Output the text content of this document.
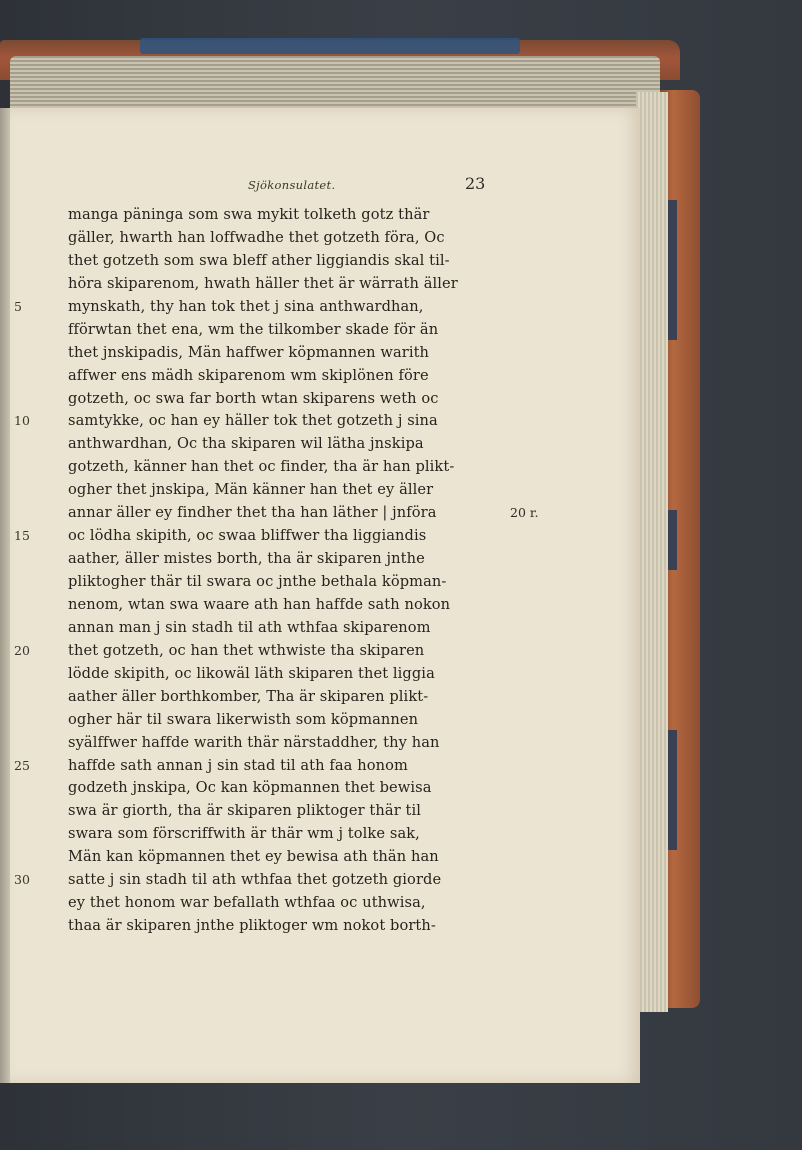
Sjökonsulatet.	23
manga päninga som swa mykit tolketh gotz thär
gäller, hwarth han loffwadhe thet gotzeth föra, Oc
thet gotzeth som swa bleff ather liggiandis skal til-
höra skiparenom, hwath häller thet är wärrath äller
5	mynskath, thy han tok thet j sina anthwardhan,
fförwtan thet ena, wm the tilkomber skade för än
thet jnskipadis, Män haffwer köpmannen warith
affwer ens mädh skiparenom wm skiplönen före
gotzeth, oc swa far borth wtan skiparens weth oc
10	samtykke, oc han ey häller tok thet gotzeth j sina
anthwardhan, Oc tha skiparen wil lätha jnskipa
gotzeth, känner han thet oc finder, tha är han plikt-
ogher thet jnskipa, Män känner han thet ey äller
annar äller ey findher thet tha han läther | jnföra	20 r.
15	oc lödha skipith, oc swaa bliffwer tha liggiandis
aather, äller mistes borth, tha är skiparen jnthe
pliktogher thär til swara oc jnthe bethala köpman-
nenom, wtan swa waare ath han haffde sath nokon
annan man j sin stadh til ath wthfaa skiparenom
20	thet gotzeth, oc han thet wthwiste tha skiparen
lödde skipith, oc likowäl läth skiparen thet liggia
aather äller borthkomber, Tha är skiparen plikt-
ogher här til swara likerwisth som köpmannen
syälffwer haffde warith thär närstaddher, thy han
25	haffde sath annan j sin stad til ath faa honom
godzeth jnskipa, Oc kan köpmannen thet bewisa
swa är giorth, tha är skiparen pliktoger thär til
swara som förscriffwith är thär wm j tolke sak,
Män kan köpmannen thet ey bewisa ath thän han
30	satte j sin stadh til ath wthfaa thet gotzeth giorde
ey thet honom war befallath wthfaa oc uthwisa,
thaa är skiparen jnthe pliktoger wm nokot borth-
